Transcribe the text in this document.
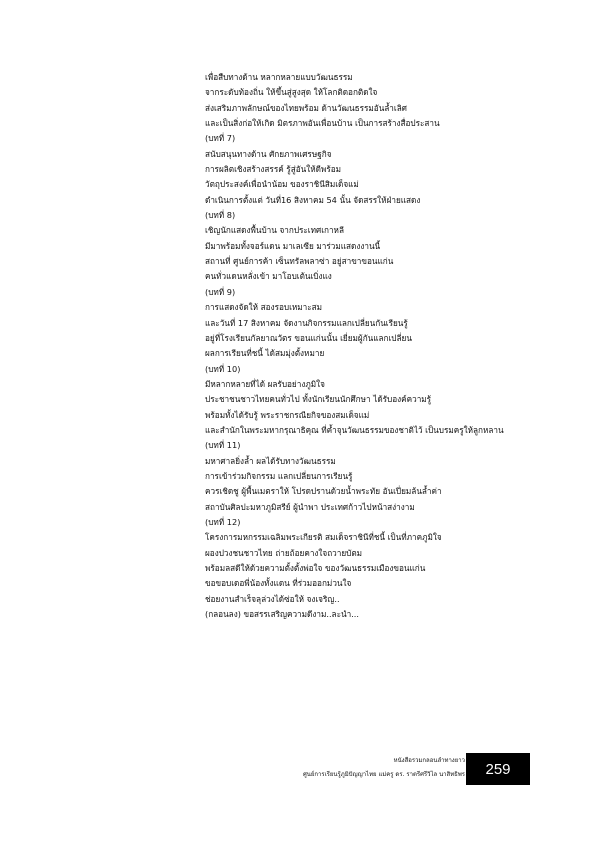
เพื่อสืบทางด้าน หลากหลายแบบวัฒนธรรม
จากระดับท้องถิ่น ให้ขึ้นสู่สูงสุด ให้โลกติดอกติดใจ
ส่งเสริมภาพลักษณ์ของไทยพร้อม ด้านวัฒนธรรมอันล้ำเลิศ
และเป็นสิ่งก่อให้เกิด มิตรภาพอันเพื่อนบ้าน เป็นการสร้างสื่อประสาน
(บทที่ 7)
สนับสนุนทางด้าน ศักยภาพเศรษฐกิจ
การผลิตเชิงสร้างสรรค์ รู้สู่อันให้ดีพร้อม
วัตถุประสงค์เพื่อนำน้อม ของราชินีสิมเด็จแม่
ดำเนินการตั้งแต่ วันที่16 สิงหาคม 54 นั้น จัดสรรให้ฝ่ายแสดง
(บทที่ 8)
เชิญนักแสดงพื้นบ้าน จากประเทศเกาหลี
มีมาพร้อมทั้งจอร์แดน มาเลเซีย มาร่วมแสดงงานนี้
สถานที่ ศูนย์การค้า เซ็นทรัลพลาซ่า อยู่สาขาขอนแก่น
คนทั่วแดนหลั่งเข้า มาโอบเต้นเบิ่งแง
(บทที่ 9)
การแสดงจัดให้ สองรอบเหมาะสม
และวันที่ 17 สิงหาคม จัดงานกิจกรรมแลกเปลี่ยนกันเรียนรู้
อยู่ที่โรงเรียนกัลยาณวัตร ขอนแก่นนั้น เยี่ยมผู้กันแลกเปลี่ยน
ผลการเรียนที่ชนี้ ได้สมมุ่งตั้งหมาย
(บทที่ 10)
มีหลากหลายที่ได้ ผลรับอย่างภูมิใจ
ประชาชนชาวไทยคนทั่วไป ทั้งนักเรียนนักศึกษา ได้รับองค์ความรู้
พร้อมทั้งได้รับรู้ พระราชกรณียกิจของสมเด็จแม่
และสำนักในพระมหากรุณาธิคุณ ที่ค้ำจุนวัฒนธรรมของชาติไว้ เป็นบรมครูให้ลูกหลาน
(บทที่ 11)
มหาศาลยิ่งล้ำ ผลได้รับทางวัฒนธรรม
การเข้าร่วมกิจกรรม แลกเปลี่ยนการเรียนรู้
ควรเชิดชู ผู้พื้นเมตราให้ โปรดปรานด้วยน้ำพระทัย อันเปี่ยมล้นล้ำค่า
สถาบันศิลปะมหาภูมิสรีย์ ผู้นำพา ประเทศก้าวไปหน้าสง่างาม
(บทที่ 12)
โครงการมหกรรมเฉลิมพระเกียรติ สมเด็จราชินีที่ชนี้ เป็นที่ภาคภูมิใจ
ผองปวงชนชาวไทย ถ่ายถ้อยคางใจถวายบัตม
พร้อมลสดีให้ด้วยความตั้งตั้งพ่อใจ ของวัฒนธรรมเมืองขอนแก่น
ขอขอบเดอพี่น้องทั้งแดน ที่ร่วมออกม่วนใจ
ช่อยงานสำเร็จลุล่วงได้ซ่อให้ จงเจริญ..
(กลอนลง) ขอสรรเสริญความดีงาม..ละนำ...
หนังสือรวมกลอนลำทางยาว
ศูนย์การเรียนรู้ภูมิปัญญาไทย แม่ครู ดร. ราตรีศรีวิไล นาสิทธิพร	259
